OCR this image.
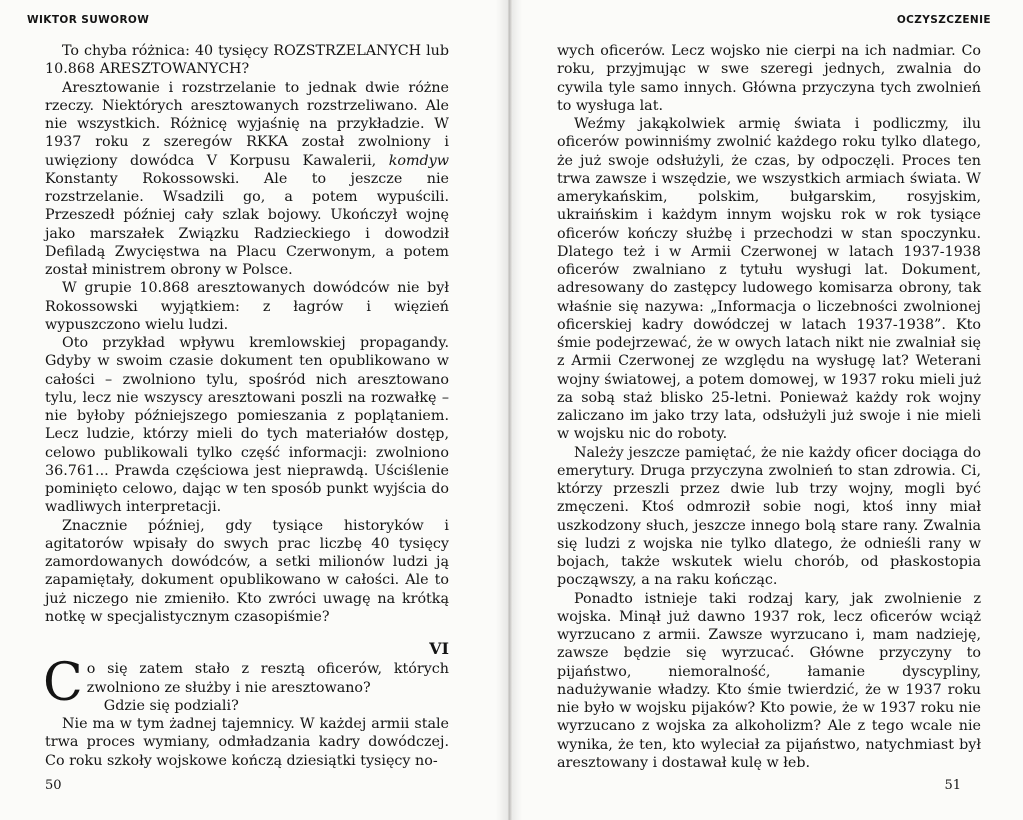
WIKTOR SUWOROW

To chyba różnica: 40 tysięcy ROZSTRZELANYCH lub 10.868 ARESZTOWANYCH?

Aresztowanie i rozstrzelanie to jednak dwie różne rzeczy. Niektórych aresztowanych rozstrzeliwano. Ale nie wszystkich. Różnicę wyjaśnię na przykładzie. W 1937 roku z szeregów RKKA został zwolniony i uwięziony dowódca V Korpusu Kawalerii, komdyw Konstanty Rokossowski. Ale to jeszcze nie rozstrzelanie. Wsadzili go, a potem wypuścili. Przeszedł później cały szlak bojowy. Ukończył wojnę jako marszałek Związku Radzieckiego i dowodził Defiladą Zwycięstwa na Placu Czerwonym, a potem został ministrem obrony w Polsce.

W grupie 10.868 aresztowanych dowódców nie był Rokossowski wyjątkiem: z łagrów i więzień wypuszczono wielu ludzi.

Oto przykład wpływu kremlowskiej propagandy. Gdyby w swoim czasie dokument ten opublikowano w całości – zwolniono tylu, spośród nich aresztowano tylu, lecz nie wszyscy aresztowani poszli na rozwałkę – nie byłoby późniejszego pomieszania z poplątaniem. Lecz ludzie, którzy mieli do tych materiałów dostęp, celowo publikowali tylko część informacji: zwolniono 36.761... Prawda częściowa jest nieprawdą. Uściślenie pominięto celowo, dając w ten sposób punkt wyjścia do wadliwych interpretacji.

Znacznie później, gdy tysiące historyków i agitatorów wpisały do swych prac liczbę 40 tysięcy zamordowanych dowódców, a setki milionów ludzi ją zapamiętały, dokument opublikowano w całości. Ale to już niczego nie zmieniło. Kto zwróci uwagę na krótką notkę w specjalistycznym czasopiśmie?

VI

Co się zatem stało z resztą oficerów, których zwolniono ze służby i nie aresztowano?

Gdzie się podziali?

Nie ma w tym żadnej tajemnicy. W każdej armii stale trwa proces wymiany, odmładzania kadry dowódczej. Co roku szkoły wojskowe kończą dziesiątki tysięcy no-

50
OCZYSZCZENIE

wych oficerów. Lecz wojsko nie cierpi na ich nadmiar. Co roku, przyjmując w swe szeregi jednych, zwalnia do cywila tyle samo innych. Główna przyczyna tych zwolnień to wysługa lat.

Weźmy jakąkolwiek armię świata i podliczmy, ilu oficerów powinniśmy zwolnić każdego roku tylko dlatego, że już swoje odsłużyli, że czas, by odpoczęli. Proces ten trwa zawsze i wszędzie, we wszystkich armiach świata. W amerykańskim, polskim, bułgarskim, rosyjskim, ukraińskim i każdym innym wojsku rok w rok tysiące oficerów kończy służbę i przechodzi w stan spoczynku. Dlatego też i w Armii Czerwonej w latach 1937-1938 oficerów zwalniano z tytułu wysługi lat. Dokument, adresowany do zastępcy ludowego komisarza obrony, tak właśnie się nazywa: „Informacja o liczebności zwolnionej oficerskiej kadry dowódczej w latach 1937-1938”. Kto śmie podejrzewać, że w owych latach nikt nie zwalniał się z Armii Czerwonej ze względu na wysługę lat? Weterani wojny światowej, a potem domowej, w 1937 roku mieli już za sobą staż blisko 25-letni. Ponieważ każdy rok wojny zaliczano im jako trzy lata, odsłużyli już swoje i nie mieli w wojsku nic do roboty.

Należy jeszcze pamiętać, że nie każdy oficer dociąga do emerytury. Druga przyczyna zwolnień to stan zdrowia. Ci, którzy przeszli przez dwie lub trzy wojny, mogli być zmęczeni. Ktoś odmroził sobie nogi, ktoś inny miał uszkodzony słuch, jeszcze innego bolą stare rany. Zwalnia się ludzi z wojska nie tylko dlatego, że odnieśli rany w bojach, także wskutek wielu chorób, od płaskostopia począwszy, a na raku kończąc.

Ponadto istnieje taki rodzaj kary, jak zwolnienie z wojska. Minął już dawno 1937 rok, lecz oficerów wciąż wyrzucano z armii. Zawsze wyrzucano i, mam nadzieję, zawsze będzie się wyrzucać. Główne przyczyny to pijaństwo, niemoralność, łamanie dyscypliny, nadużywanie władzy. Kto śmie twierdzić, że w 1937 roku nie było w wojsku pijaków? Kto powie, że w 1937 roku nie wyrzucano z wojska za alkoholizm? Ale z tego wcale nie wynika, że ten, kto wyleciał za pijaństwo, natychmiast był aresztowany i dostawał kulę w łeb.

51
